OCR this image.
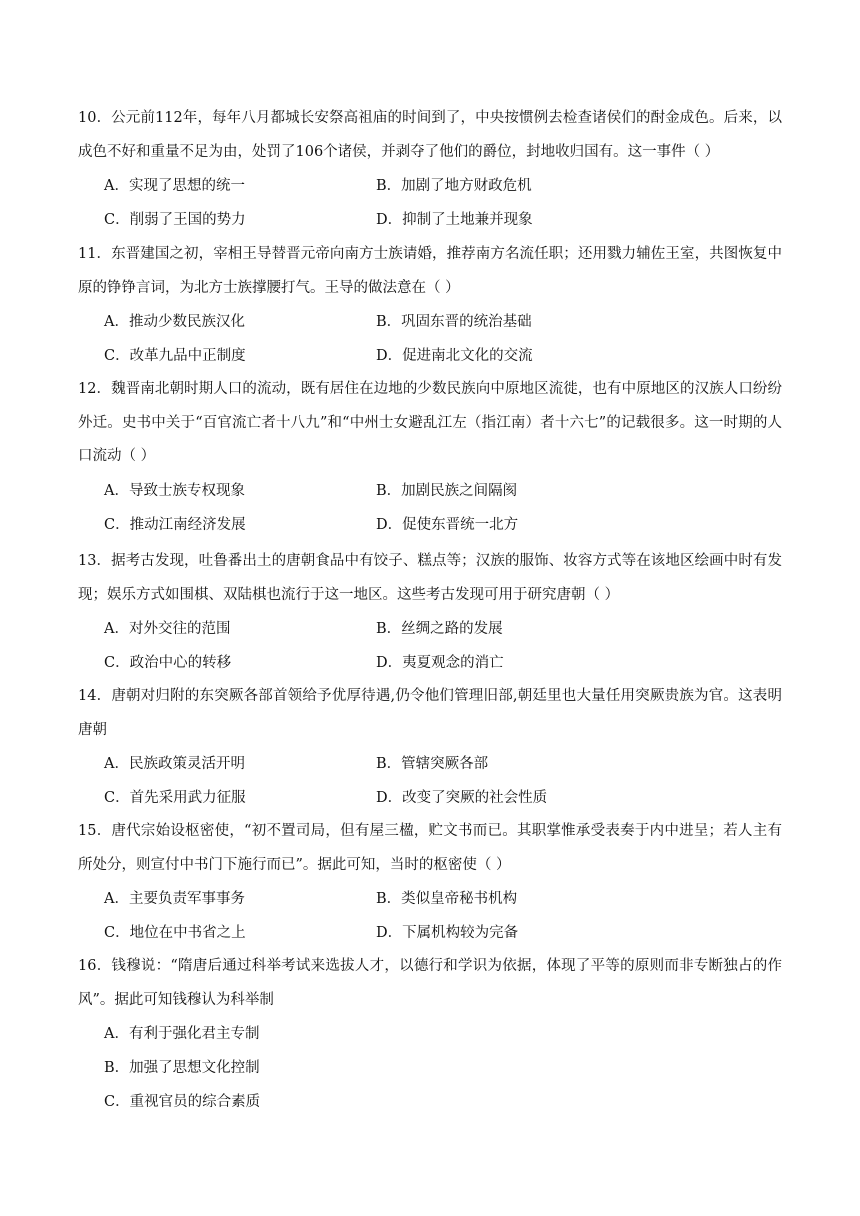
10．公元前112年，每年八月都城长安祭高祖庙的时间到了，中央按惯例去检查诸侯们的酎金成色。后来，以成色不好和重量不足为由，处罚了106个诸侯，并剥夺了他们的爵位，封地收归国有。这一事件（ ）

A．实现了思想的统一	B．加剧了地方财政危机
C．削弱了王国的势力	D．抑制了土地兼并现象

11．东晋建国之初，宰相王导替晋元帝向南方士族请婚，推荐南方名流任职；还用戮力辅佐王室，共图恢复中原的铮铮言词，为北方士族撑腰打气。王导的做法意在（ ）

A．推动少数民族汉化	B．巩固东晋的统治基础
C．改革九品中正制度	D．促进南北文化的交流

12．魏晋南北朝时期人口的流动，既有居住在边地的少数民族向中原地区流徙，也有中原地区的汉族人口纷纷外迁。史书中关于“百官流亡者十八九”和“中州士女避乱江左（指江南）者十六七”的记载很多。这一时期的人口流动（ ）

A．导致士族专权现象	B．加剧民族之间隔阂
C．推动江南经济发展	D．促使东晋统一北方

13．据考古发现，吐鲁番出土的唐朝食品中有饺子、糕点等；汉族的服饰、妆容方式等在该地区绘画中时有发现；娱乐方式如围棋、双陆棋也流行于这一地区。这些考古发现可用于研究唐朝（ ）

A．对外交往的范围	B．丝绸之路的发展
C．政治中心的转移	D．夷夏观念的消亡

14．唐朝对归附的东突厥各部首领给予优厚待遇,仍令他们管理旧部,朝廷里也大量任用突厥贵族为官。这表明唐朝

A．民族政策灵活开明	B．管辖突厥各部
C．首先采用武力征服	D．改变了突厥的社会性质

15．唐代宗始设枢密使，“初不置司局，但有屋三楹，贮文书而已。其职掌惟承受表奏于内中进呈；若人主有所处分，则宣付中书门下施行而已”。据此可知，当时的枢密使（ ）

A．主要负责军事事务	B．类似皇帝秘书机构
C．地位在中书省之上	D．下属机构较为完备

16．钱穆说：“隋唐后通过科举考试来选拔人才，以德行和学识为依据，体现了平等的原则而非专断独占的作风”。据此可知钱穆认为科举制

A．有利于强化君主专制
B．加强了思想文化控制
C．重视官员的综合素质
